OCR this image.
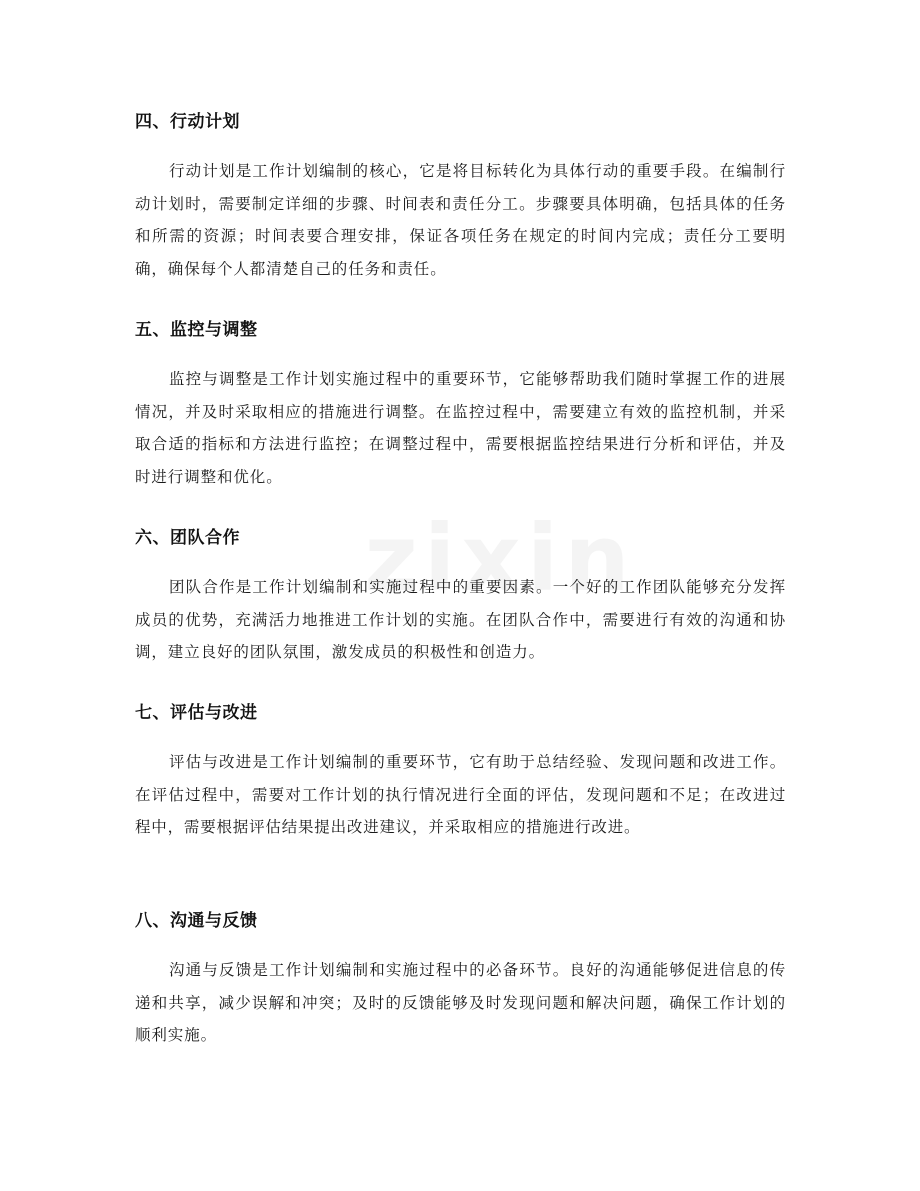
四、行动计划

行动计划是工作计划编制的核心，它是将目标转化为具体行动的重要手段。在编制行动计划时，需要制定详细的步骤、时间表和责任分工。步骤要具体明确，包括具体的任务和所需的资源；时间表要合理安排，保证各项任务在规定的时间内完成；责任分工要明确，确保每个人都清楚自己的任务和责任。

五、监控与调整

监控与调整是工作计划实施过程中的重要环节，它能够帮助我们随时掌握工作的进展情况，并及时采取相应的措施进行调整。在监控过程中，需要建立有效的监控机制，并采取合适的指标和方法进行监控；在调整过程中，需要根据监控结果进行分析和评估，并及时进行调整和优化。

六、团队合作

团队合作是工作计划编制和实施过程中的重要因素。一个好的工作团队能够充分发挥成员的优势，充满活力地推进工作计划的实施。在团队合作中，需要进行有效的沟通和协调，建立良好的团队氛围，激发成员的积极性和创造力。

七、评估与改进

评估与改进是工作计划编制的重要环节，它有助于总结经验、发现问题和改进工作。在评估过程中，需要对工作计划的执行情况进行全面的评估，发现问题和不足；在改进过程中，需要根据评估结果提出改进建议，并采取相应的措施进行改进。

八、沟通与反馈

沟通与反馈是工作计划编制和实施过程中的必备环节。良好的沟通能够促进信息的传递和共享，减少误解和冲突；及时的反馈能够及时发现问题和解决问题，确保工作计划的顺利实施。
